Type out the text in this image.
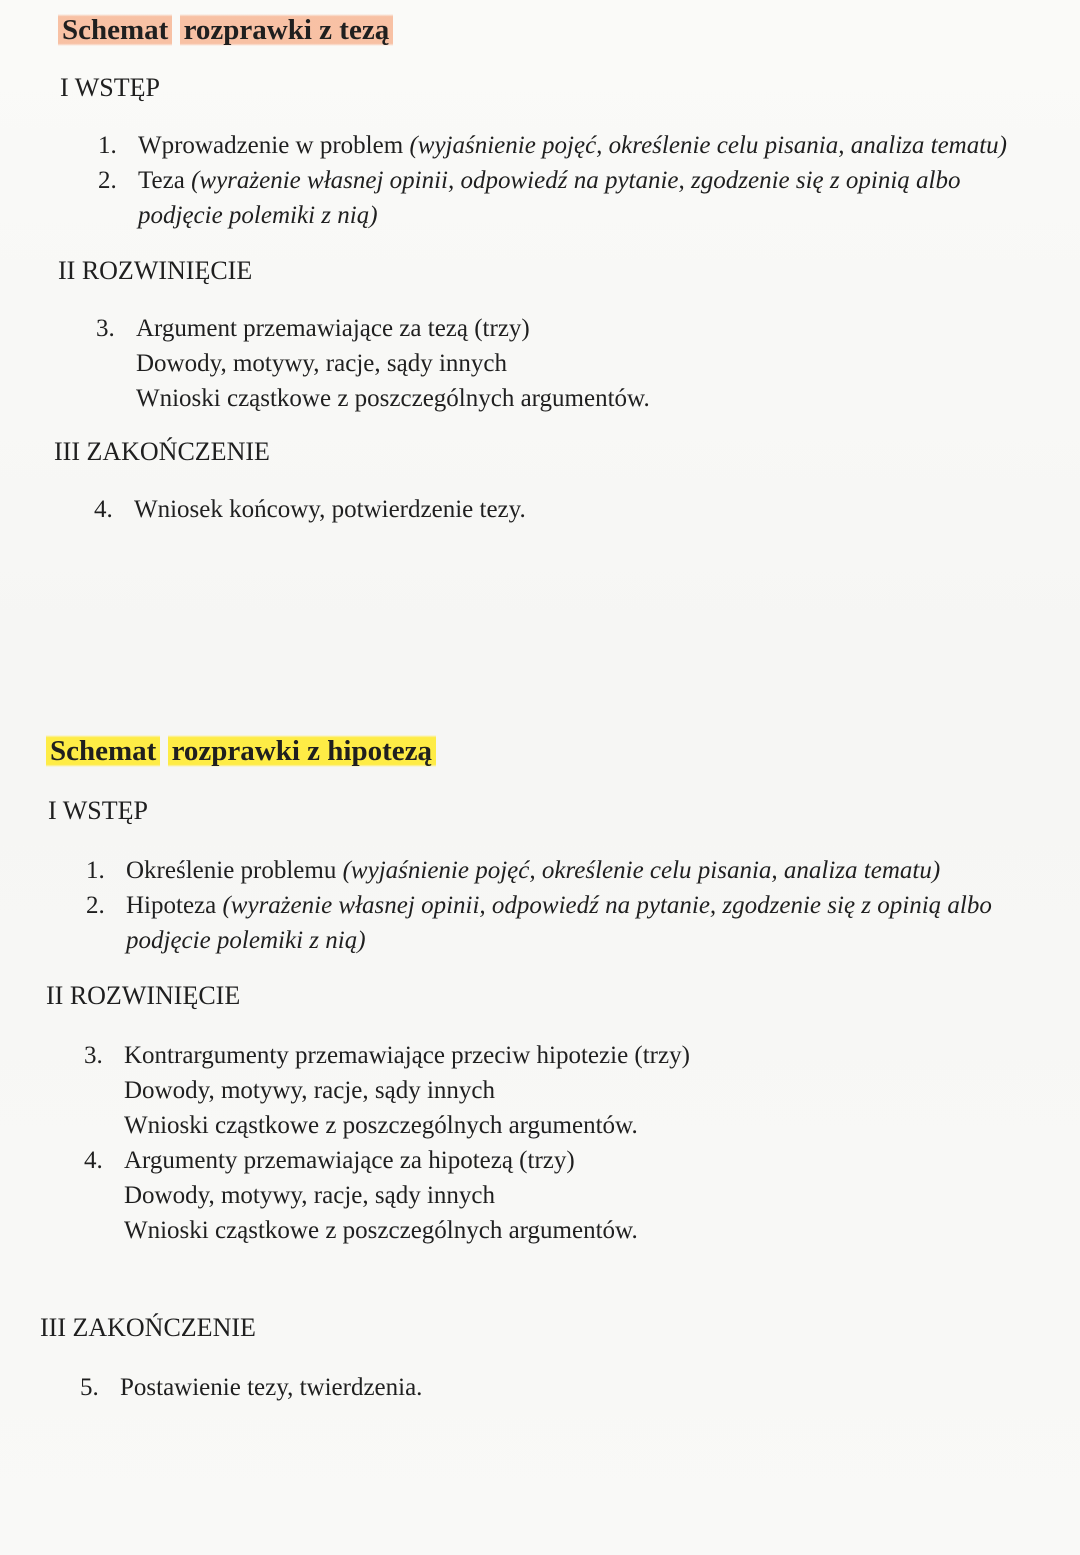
Schemat rozprawki z tezą
I WSTĘP
1. Wprowadzenie w problem (wyjaśnienie pojęć, określenie celu pisania, analiza tematu)
2. Teza (wyrażenie własnej opinii, odpowiedź na pytanie, zgodzenie się z opinią albo
podjęcie polemiki z nią)
II ROZWINIĘCIE
3. Argument przemawiające za tezą (trzy)
Dowody, motywy, racje, sądy innych
Wnioski cząstkowe z poszczególnych argumentów.
III ZAKOŃCZENIE
4. Wniosek końcowy, potwierdzenie tezy.
Schemat rozprawki z hipotezą
I WSTĘP
1. Określenie problemu (wyjaśnienie pojęć, określenie celu pisania, analiza tematu)
2. Hipoteza (wyrażenie własnej opinii, odpowiedź na pytanie, zgodzenie się z opinią albo
podjęcie polemiki z nią)
II ROZWINIĘCIE
3. Kontrargumenty przemawiające przeciw hipotezie (trzy)
Dowody, motywy, racje, sądy innych
Wnioski cząstkowe z poszczególnych argumentów.
4. Argumenty przemawiające za hipotezą (trzy)
Dowody, motywy, racje, sądy innych
Wnioski cząstkowe z poszczególnych argumentów.
III ZAKOŃCZENIE
5. Postawienie tezy, twierdzenia.
